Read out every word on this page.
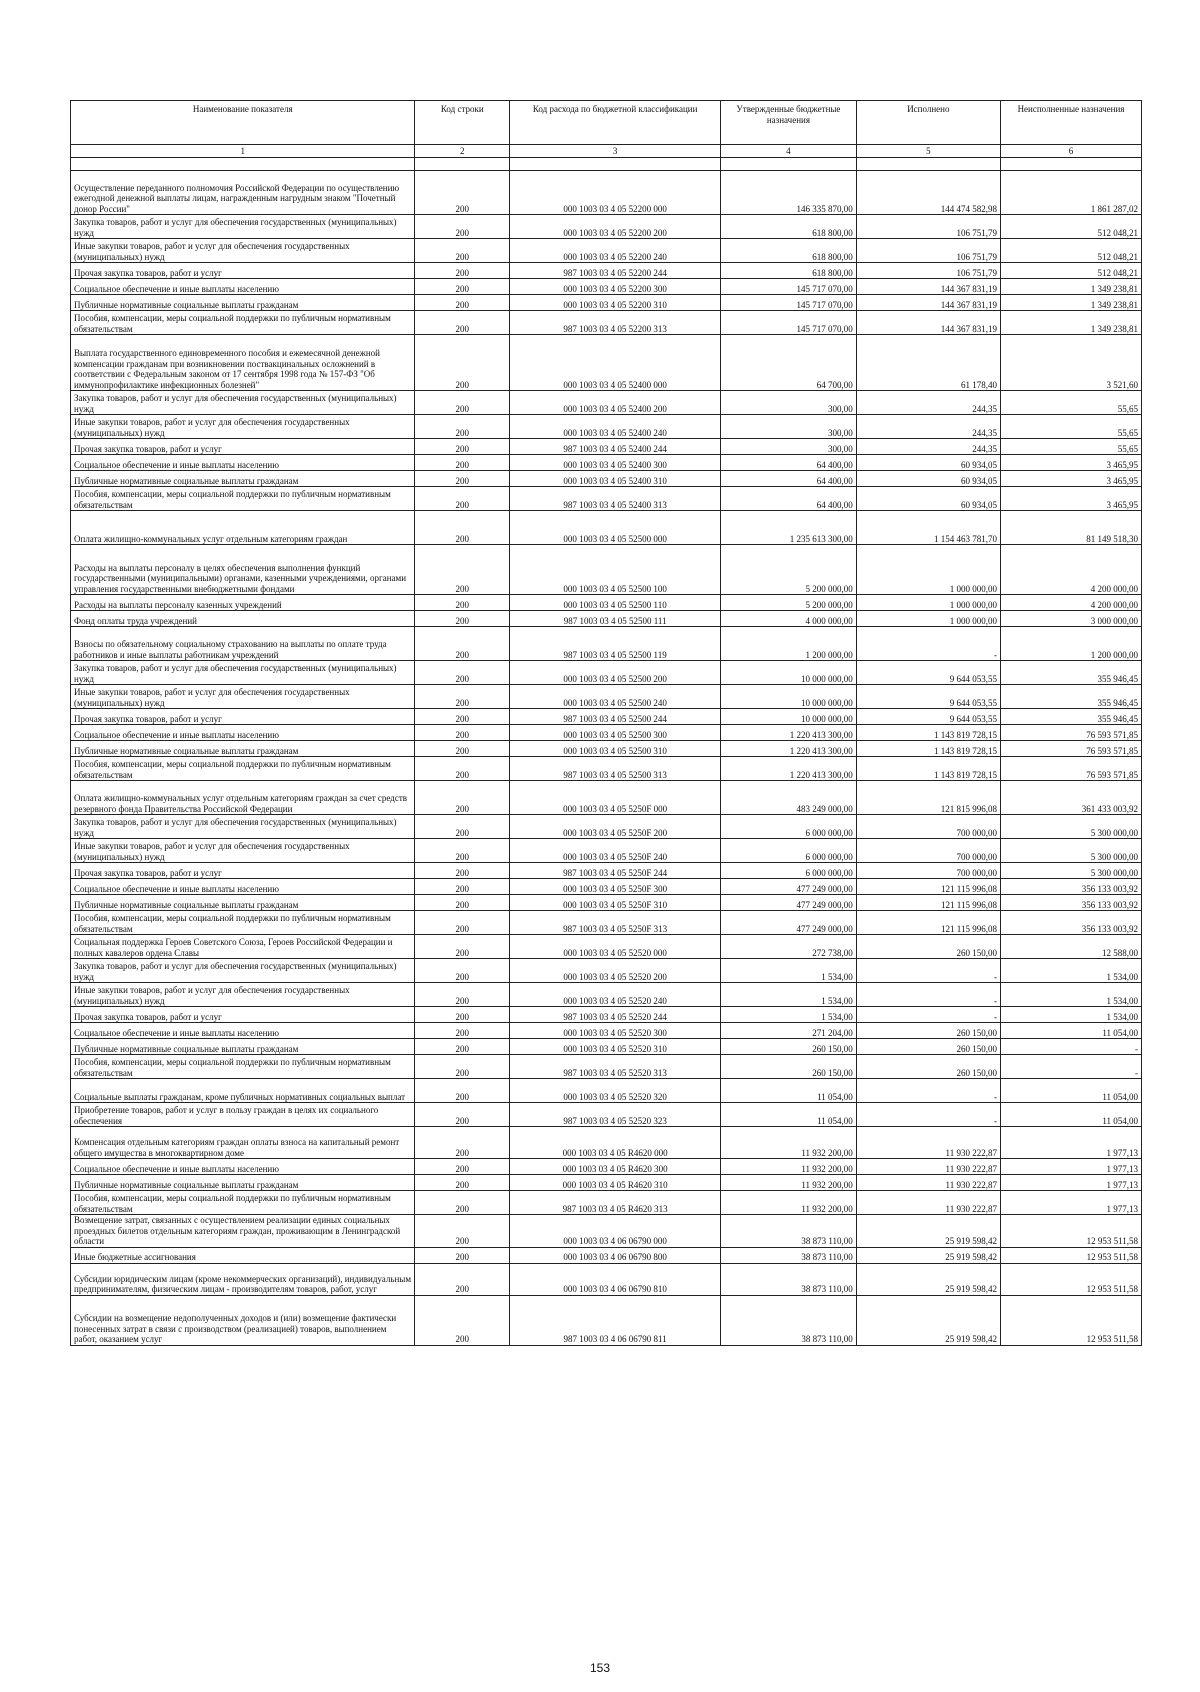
Наименование показателя	Код строки	Код расхода по бюджетной классификации	Утвержденные бюджетные назначения	Исполнено	Неисполненные назначения
1	2	3	4	5	6

Осуществление переданного полномочия Российской Федерации по осуществлению ежегодной денежной выплаты лицам, награжденным нагрудным знаком "Почетный донор России"	200	000 1003 03 4 05 52200 000	146 335 870,00	144 474 582,98	1 861 287,02
Закупка товаров, работ и услуг для обеспечения государственных (муниципальных) нужд	200	000 1003 03 4 05 52200 200	618 800,00	106 751,79	512 048,21
Иные закупки товаров, работ и услуг для обеспечения государственных (муниципальных) нужд	200	000 1003 03 4 05 52200 240	618 800,00	106 751,79	512 048,21
Прочая закупка товаров, работ и услуг	200	987 1003 03 4 05 52200 244	618 800,00	106 751,79	512 048,21
Социальное обеспечение и иные выплаты населению	200	000 1003 03 4 05 52200 300	145 717 070,00	144 367 831,19	1 349 238,81
Публичные нормативные социальные выплаты гражданам	200	000 1003 03 4 05 52200 310	145 717 070,00	144 367 831,19	1 349 238,81
Пособия, компенсации, меры социальной поддержки по публичным нормативным обязательствам	200	987 1003 03 4 05 52200 313	145 717 070,00	144 367 831,19	1 349 238,81
Выплата государственного единовременного пособия и ежемесячной денежной компенсации гражданам при возникновении поствакцинальных осложнений в соответствии с Федеральным законом от 17 сентября 1998 года № 157-ФЗ "Об иммунопрофилактике инфекционных болезней"	200	000 1003 03 4 05 52400 000	64 700,00	61 178,40	3 521,60
Закупка товаров, работ и услуг для обеспечения государственных (муниципальных) нужд	200	000 1003 03 4 05 52400 200	300,00	244,35	55,65
Иные закупки товаров, работ и услуг для обеспечения государственных (муниципальных) нужд	200	000 1003 03 4 05 52400 240	300,00	244,35	55,65
Прочая закупка товаров, работ и услуг	200	987 1003 03 4 05 52400 244	300,00	244,35	55,65
Социальное обеспечение и иные выплаты населению	200	000 1003 03 4 05 52400 300	64 400,00	60 934,05	3 465,95
Публичные нормативные социальные выплаты гражданам	200	000 1003 03 4 05 52400 310	64 400,00	60 934,05	3 465,95
Пособия, компенсации, меры социальной поддержки по публичным нормативным обязательствам	200	987 1003 03 4 05 52400 313	64 400,00	60 934,05	3 465,95
Оплата жилищно-коммунальных услуг отдельным категориям граждан	200	000 1003 03 4 05 52500 000	1 235 613 300,00	1 154 463 781,70	81 149 518,30
Расходы на выплаты персоналу в целях обеспечения выполнения функций государственными (муниципальными) органами, казенными учреждениями, органами управления государственными внебюджетными фондами	200	000 1003 03 4 05 52500 100	5 200 000,00	1 000 000,00	4 200 000,00
Расходы на выплаты персоналу казенных учреждений	200	000 1003 03 4 05 52500 110	5 200 000,00	1 000 000,00	4 200 000,00
Фонд оплаты труда учреждений	200	987 1003 03 4 05 52500 111	4 000 000,00	1 000 000,00	3 000 000,00
Взносы по обязательному социальному страхованию на выплаты по оплате труда работников и иные выплаты работникам учреждений	200	987 1003 03 4 05 52500 119	1 200 000,00	-	1 200 000,00
Закупка товаров, работ и услуг для обеспечения государственных (муниципальных) нужд	200	000 1003 03 4 05 52500 200	10 000 000,00	9 644 053,55	355 946,45
Иные закупки товаров, работ и услуг для обеспечения государственных (муниципальных) нужд	200	000 1003 03 4 05 52500 240	10 000 000,00	9 644 053,55	355 946,45
Прочая закупка товаров, работ и услуг	200	987 1003 03 4 05 52500 244	10 000 000,00	9 644 053,55	355 946,45
Социальное обеспечение и иные выплаты населению	200	000 1003 03 4 05 52500 300	1 220 413 300,00	1 143 819 728,15	76 593 571,85
Публичные нормативные социальные выплаты гражданам	200	000 1003 03 4 05 52500 310	1 220 413 300,00	1 143 819 728,15	76 593 571,85
Пособия, компенсации, меры социальной поддержки по публичным нормативным обязательствам	200	987 1003 03 4 05 52500 313	1 220 413 300,00	1 143 819 728,15	76 593 571,85
Оплата жилищно-коммунальных услуг отдельным категориям граждан за счет средств резервного фонда Правительства Российской Федерации	200	000 1003 03 4 05 5250F 000	483 249 000,00	121 815 996,08	361 433 003,92
Закупка товаров, работ и услуг для обеспечения государственных (муниципальных) нужд	200	000 1003 03 4 05 5250F 200	6 000 000,00	700 000,00	5 300 000,00
Иные закупки товаров, работ и услуг для обеспечения государственных (муниципальных) нужд	200	000 1003 03 4 05 5250F 240	6 000 000,00	700 000,00	5 300 000,00
Прочая закупка товаров, работ и услуг	200	987 1003 03 4 05 5250F 244	6 000 000,00	700 000,00	5 300 000,00
Социальное обеспечение и иные выплаты населению	200	000 1003 03 4 05 5250F 300	477 249 000,00	121 115 996,08	356 133 003,92
Публичные нормативные социальные выплаты гражданам	200	000 1003 03 4 05 5250F 310	477 249 000,00	121 115 996,08	356 133 003,92
Пособия, компенсации, меры социальной поддержки по публичным нормативным обязательствам	200	987 1003 03 4 05 5250F 313	477 249 000,00	121 115 996,08	356 133 003,92
Социальная поддержка Героев Советского Союза, Героев Российской Федерации и полных кавалеров ордена Славы	200	000 1003 03 4 05 52520 000	272 738,00	260 150,00	12 588,00
Закупка товаров, работ и услуг для обеспечения государственных (муниципальных) нужд	200	000 1003 03 4 05 52520 200	1 534,00	-	1 534,00
Иные закупки товаров, работ и услуг для обеспечения государственных (муниципальных) нужд	200	000 1003 03 4 05 52520 240	1 534,00	-	1 534,00
Прочая закупка товаров, работ и услуг	200	987 1003 03 4 05 52520 244	1 534,00	-	1 534,00
Социальное обеспечение и иные выплаты населению	200	000 1003 03 4 05 52520 300	271 204,00	260 150,00	11 054,00
Публичные нормативные социальные выплаты гражданам	200	000 1003 03 4 05 52520 310	260 150,00	260 150,00	-
Пособия, компенсации, меры социальной поддержки по публичным нормативным обязательствам	200	987 1003 03 4 05 52520 313	260 150,00	260 150,00	-
Социальные выплаты гражданам, кроме публичных нормативных социальных выплат	200	000 1003 03 4 05 52520 320	11 054,00	-	11 054,00
Приобретение товаров, работ и услуг в пользу граждан в целях их социального обеспечения	200	987 1003 03 4 05 52520 323	11 054,00	-	11 054,00
Компенсация отдельным категориям граждан оплаты взноса на капитальный ремонт общего имущества в многоквартирном доме	200	000 1003 03 4 05 R4620 000	11 932 200,00	11 930 222,87	1 977,13
Социальное обеспечение и иные выплаты населению	200	000 1003 03 4 05 R4620 300	11 932 200,00	11 930 222,87	1 977,13
Публичные нормативные социальные выплаты гражданам	200	000 1003 03 4 05 R4620 310	11 932 200,00	11 930 222,87	1 977,13
Пособия, компенсации, меры социальной поддержки по публичным нормативным обязательствам	200	987 1003 03 4 05 R4620 313	11 932 200,00	11 930 222,87	1 977,13
Возмещение затрат, связанных с осуществлением реализации единых социальных проездных билетов отдельным категориям граждан, проживающим в Ленинградской области	200	000 1003 03 4 06 06790 000	38 873 110,00	25 919 598,42	12 953 511,58
Иные бюджетные ассигнования	200	000 1003 03 4 06 06790 800	38 873 110,00	25 919 598,42	12 953 511,58
Субсидии юридическим лицам (кроме некоммерческих организаций), индивидуальным предпринимателям, физическим лицам - производителям товаров, работ, услуг	200	000 1003 03 4 06 06790 810	38 873 110,00	25 919 598,42	12 953 511,58
Субсидии на возмещение недополученных доходов и (или) возмещение фактически понесенных затрат в связи с производством (реализацией) товаров, выполнением работ, оказанием услуг	200	987 1003 03 4 06 06790 811	38 873 110,00	25 919 598,42	12 953 511,58
153
